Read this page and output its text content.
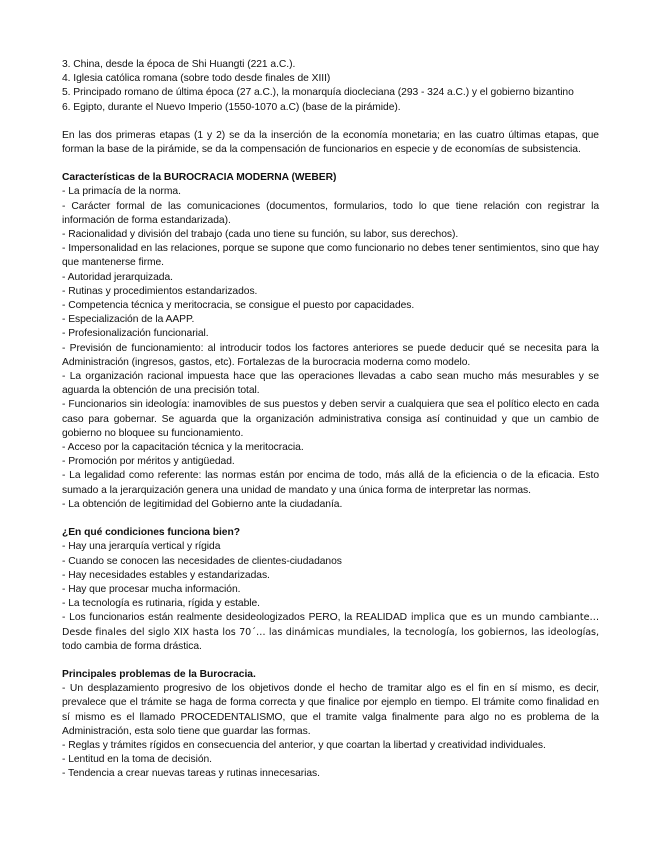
3. China, desde la época de Shi Huangti (221 a.C.).
4. Iglesia católica romana (sobre todo desde finales de XIII)
5. Principado romano de última época (27 a.C.), la monarquía diocleciana (293 - 324 a.C.) y el gobierno bizantino
6. Egipto, durante el Nuevo Imperio (1550-1070 a.C) (base de la pirámide).

En las dos primeras etapas (1 y 2) se da la inserción de la economía monetaria; en las cuatro últimas etapas, que forman la base de la pirámide, se da la compensación de funcionarios en especie y de economías de subsistencia.

Características de la BUROCRACIA MODERNA (WEBER)

- La primacía de la norma.

- Carácter formal de las comunicaciones (documentos, formularios, todo lo que tiene relación con registrar la información de forma estandarizada).

- Racionalidad y división del trabajo (cada uno tiene su función, su labor, sus derechos).

- Impersonalidad en las relaciones, porque se supone que como funcionario no debes tener sentimientos, sino que hay que mantenerse firme.

- Autoridad jerarquizada.

- Rutinas y procedimientos estandarizados.

- Competencia técnica y meritocracia, se consigue el puesto por capacidades.

- Especialización de la AAPP.

- Profesionalización funcionarial.

- Previsión de funcionamiento: al introducir todos los factores anteriores se puede deducir qué se necesita para la Administración (ingresos, gastos, etc). Fortalezas de la burocracia moderna como modelo.

- La organización racional impuesta hace que las operaciones llevadas a cabo sean mucho más mesurables y se aguarda la obtención de una precisión total.

- Funcionarios sin ideología: inamovibles de sus puestos y deben servir a cualquiera que sea el político electo en cada caso para gobernar. Se aguarda que la organización administrativa consiga así continuidad y que un cambio de gobierno no bloquee su funcionamiento.

- Acceso por la capacitación técnica y la meritocracia.

- Promoción por méritos y antigüedad.

- La legalidad como referente: las normas están por encima de todo, más allá de la eficiencia o de la eficacia. Esto sumado a la jerarquización genera una unidad de mandato y una única forma de interpretar las normas.

- La obtención de legitimidad del Gobierno ante la ciudadanía.

¿En qué condiciones funciona bien?

- Hay una jerarquía vertical y rígida

- Cuando se conocen las necesidades de clientes-ciudadanos

- Hay necesidades estables y estandarizadas.

- Hay que procesar mucha información.

- La tecnología es rutinaria, rígida y estable.

- Los funcionarios están realmente desideologizados PERO, la REALIDAD implica que es un mundo cambiante… Desde finales del siglo XIX hasta los 70´… las dinámicas mundiales, la tecnología, los gobiernos, las ideologías, todo cambia de forma drástica.

Principales problemas de la Burocracia.

- Un desplazamiento progresivo de los objetivos donde el hecho de tramitar algo es el fin en sí mismo, es decir, prevalece que el trámite se haga de forma correcta y que finalice por ejemplo en tiempo. El trámite como finalidad en sí mismo es el llamado PROCEDENTALISMO, que el tramite valga finalmente para algo no es problema de la Administración, esta solo tiene que guardar las formas.

- Reglas y trámites rígidos en consecuencia del anterior, y que coartan la libertad y creatividad individuales.

- Lentitud en la toma de decisión.

- Tendencia a crear nuevas tareas y rutinas innecesarias.
